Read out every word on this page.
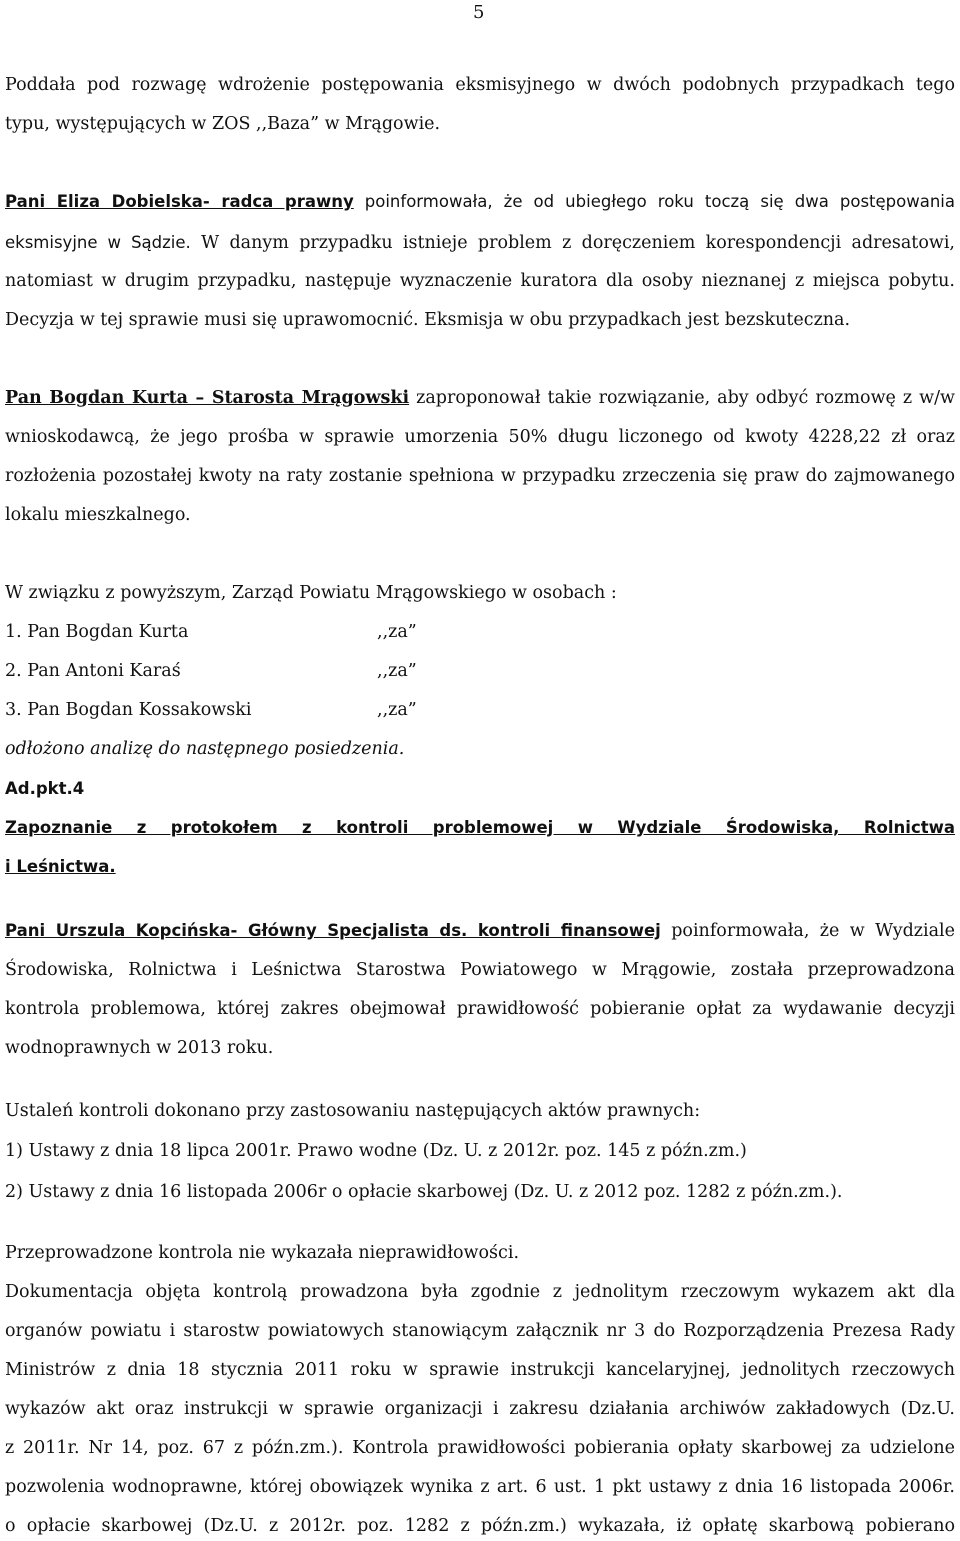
5
Poddała pod rozwagę wdrożenie postępowania eksmisyjnego w dwóch podobnych przypadkach tego
typu, występujących w ZOS ,,Baza” w Mrągowie.
Pani Eliza Dobielska- radca prawny poinformowała, że od ubiegłego roku toczą się dwa postępowania
eksmisyjne w Sądzie. W danym przypadku istnieje problem z doręczeniem korespondencji adresatowi,
natomiast w drugim przypadku, następuje wyznaczenie kuratora dla osoby nieznanej z miejsca pobytu.
Decyzja w tej sprawie musi się uprawomocnić. Eksmisja w obu przypadkach jest bezskuteczna.
Pan Bogdan Kurta – Starosta Mrągowski zaproponował takie rozwiązanie, aby odbyć rozmowę z w/w
wnioskodawcą, że jego prośba w sprawie umorzenia 50% długu liczonego od kwoty 4228,22 zł oraz
rozłożenia pozostałej kwoty na raty zostanie spełniona w przypadku zrzeczenia się praw do zajmowanego
lokalu mieszkalnego.
W związku z powyższym, Zarząd Powiatu Mrągowskiego w osobach :
1. Pan Bogdan Kurta	,,za”
2. Pan Antoni Karaś	,,za”
3. Pan Bogdan Kossakowski	,,za”
odłożono analizę do następnego posiedzenia.
Ad.pkt.4
Zapoznanie z protokołem z kontroli problemowej w Wydziale Środowiska, Rolnictwa
i Leśnictwa.
Pani Urszula Kopcińska- Główny Specjalista ds. kontroli finansowej poinformowała, że w Wydziale
Środowiska, Rolnictwa i Leśnictwa Starostwa Powiatowego w Mrągowie, została przeprowadzona
kontrola problemowa, której zakres obejmował prawidłowość pobieranie opłat za wydawanie decyzji
wodnoprawnych w 2013 roku.
Ustaleń kontroli dokonano przy zastosowaniu następujących aktów prawnych:
1) Ustawy z dnia 18 lipca 2001r. Prawo wodne (Dz. U. z 2012r. poz. 145 z późn.zm.)
2) Ustawy z dnia 16 listopada 2006r o opłacie skarbowej (Dz. U. z 2012 poz. 1282 z późn.zm.).
Przeprowadzone kontrola nie wykazała nieprawidłowości.
Dokumentacja objęta kontrolą prowadzona była zgodnie z jednolitym rzeczowym wykazem akt dla
organów powiatu i starostw powiatowych stanowiącym załącznik nr 3 do Rozporządzenia Prezesa Rady
Ministrów z dnia 18 stycznia 2011 roku w sprawie instrukcji kancelaryjnej, jednolitych rzeczowych
wykazów akt oraz instrukcji w sprawie organizacji i zakresu działania archiwów zakładowych (Dz.U.
z 2011r. Nr 14, poz. 67 z późn.zm.). Kontrola prawidłowości pobierania opłaty skarbowej za udzielone
pozwolenia wodnoprawne, której obowiązek wynika z art. 6 ust. 1 pkt ustawy z dnia 16 listopada 2006r.
o opłacie skarbowej (Dz.U. z 2012r. poz. 1282 z późn.zm.) wykazała, iż opłatę skarbową pobierano
